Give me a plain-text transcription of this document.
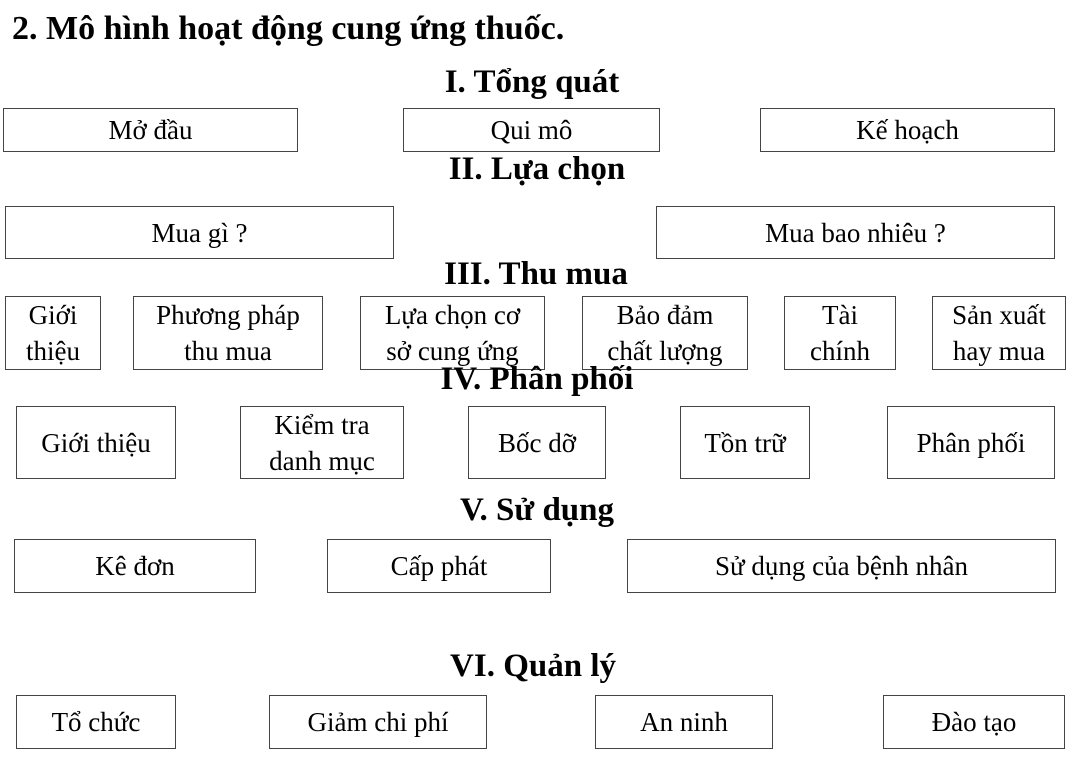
2. Mô hình hoạt động cung ứng thuốc.
I. Tổng quát
Mở đầu	Qui mô	Kế hoạch
II. Lựa chọn
Mua gì ?	Mua bao nhiêu ?
III. Thu mua
Giới
thiệu
Phương pháp
thu mua
Lựa chọn cơ
sở cung ứng
Bảo đảm
chất lượng
Tài
chính
Sản xuất
hay mua
IV. Phân phối
Giới thiệu
Kiểm tra
danh mục
Bốc dỡ	Tồn trữ	Phân phối
V. Sử dụng
Kê đơn	Cấp phát	Sử dụng của bệnh nhân
VI. Quản lý
Tổ chức	Giảm chi phí	An ninh	Đào tạo
